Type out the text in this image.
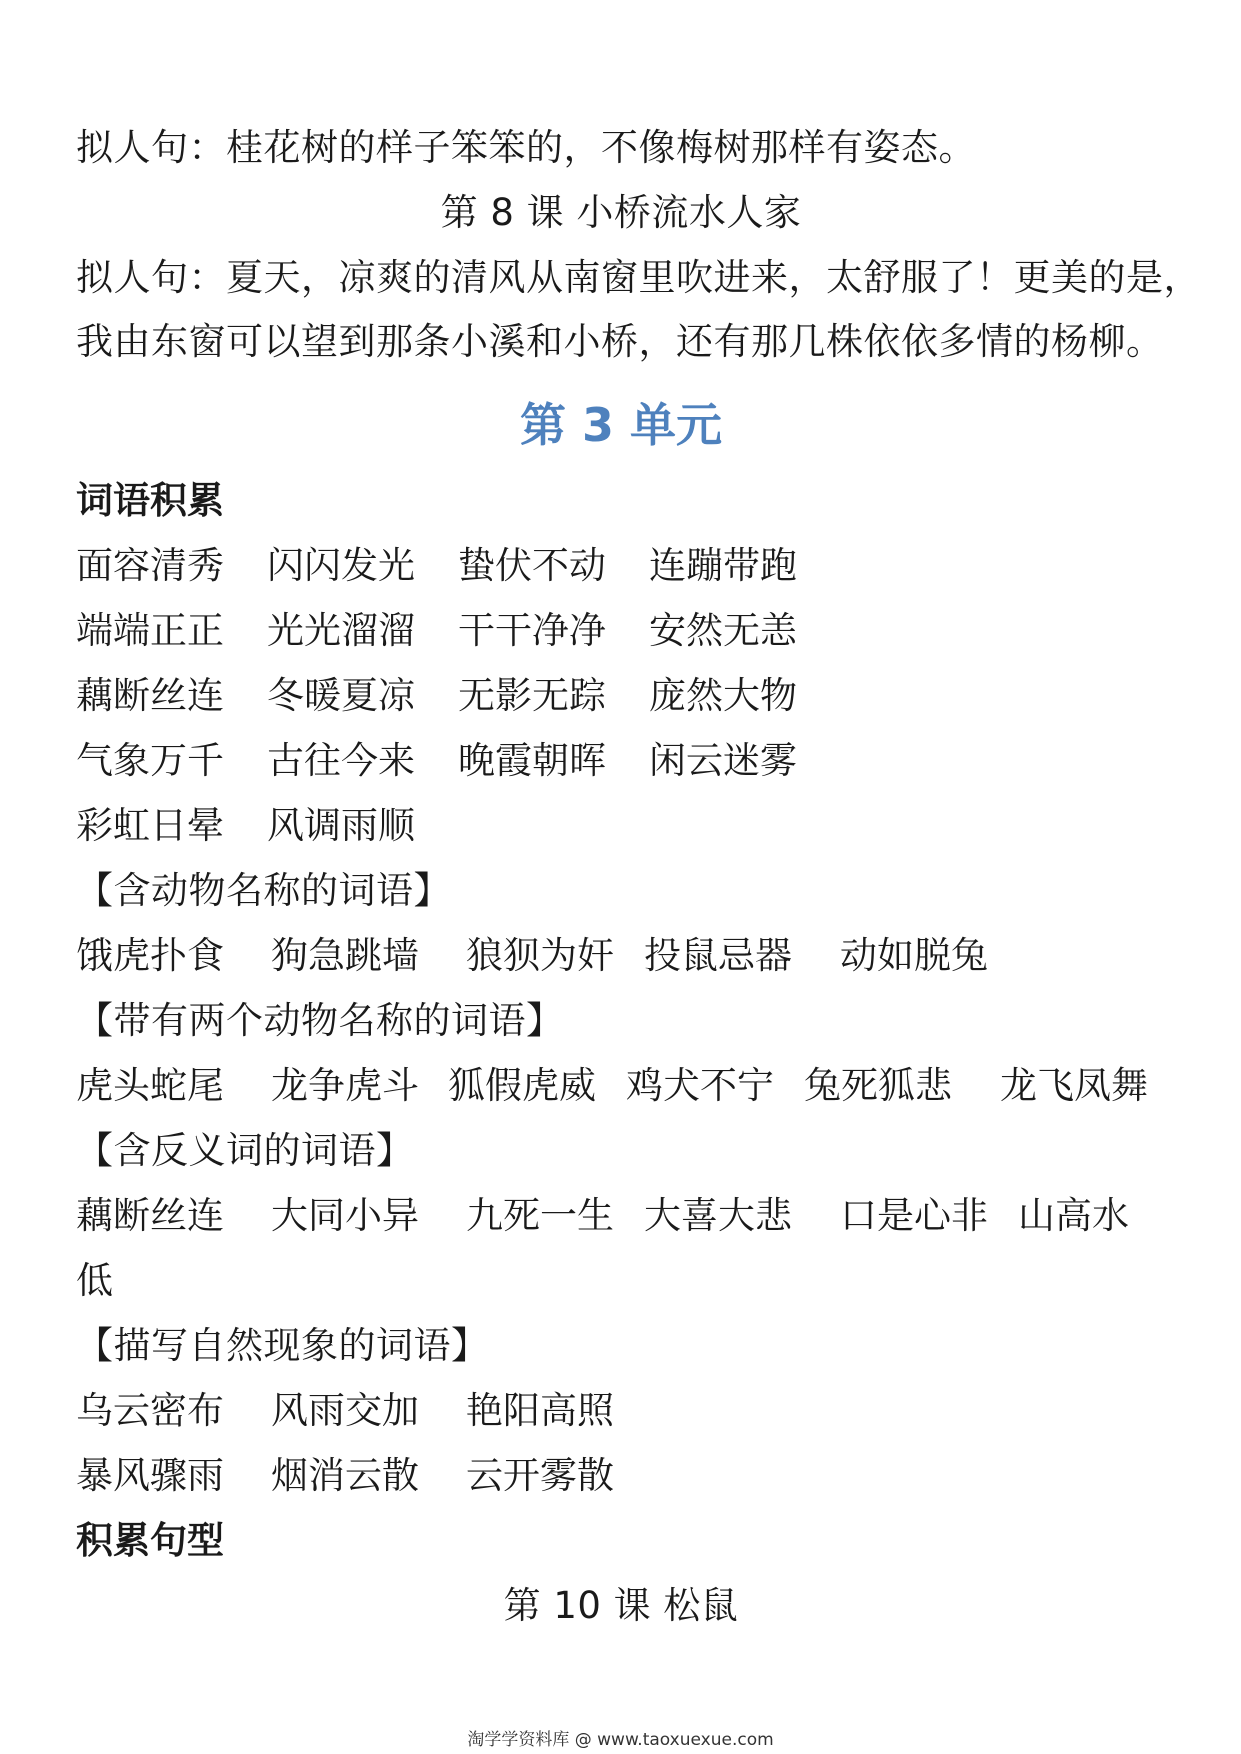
拟人句：桂花树的样子笨笨的，不像梅树那样有姿态。
第 8 课 小桥流水人家
拟人句：夏天，凉爽的清风从南窗里吹进来，太舒服了！更美的是，
我由东窗可以望到那条小溪和小桥，还有那几株依依多情的杨柳。
第 3 单元
词语积累
面容清秀 闪闪发光 蛰伏不动 连蹦带跑
端端正正 光光溜溜 干干净净 安然无恙
藕断丝连 冬暖夏凉 无影无踪 庞然大物
气象万千 古往今来 晚霞朝晖 闲云迷雾
彩虹日晕 风调雨顺
【含动物名称的词语】
饿虎扑食 狗急跳墙 狼狈为奸 投鼠忌器 动如脱兔
【带有两个动物名称的词语】
虎头蛇尾 龙争虎斗 狐假虎威 鸡犬不宁 兔死狐悲 龙飞凤舞
【含反义词的词语】
藕断丝连 大同小异 九死一生 大喜大悲 口是心非 山高水
低
【描写自然现象的词语】
乌云密布 风雨交加 艳阳高照
暴风骤雨 烟消云散 云开雾散
积累句型
第 10 课 松鼠
淘学学资料库 @ www.taoxuexue.com
